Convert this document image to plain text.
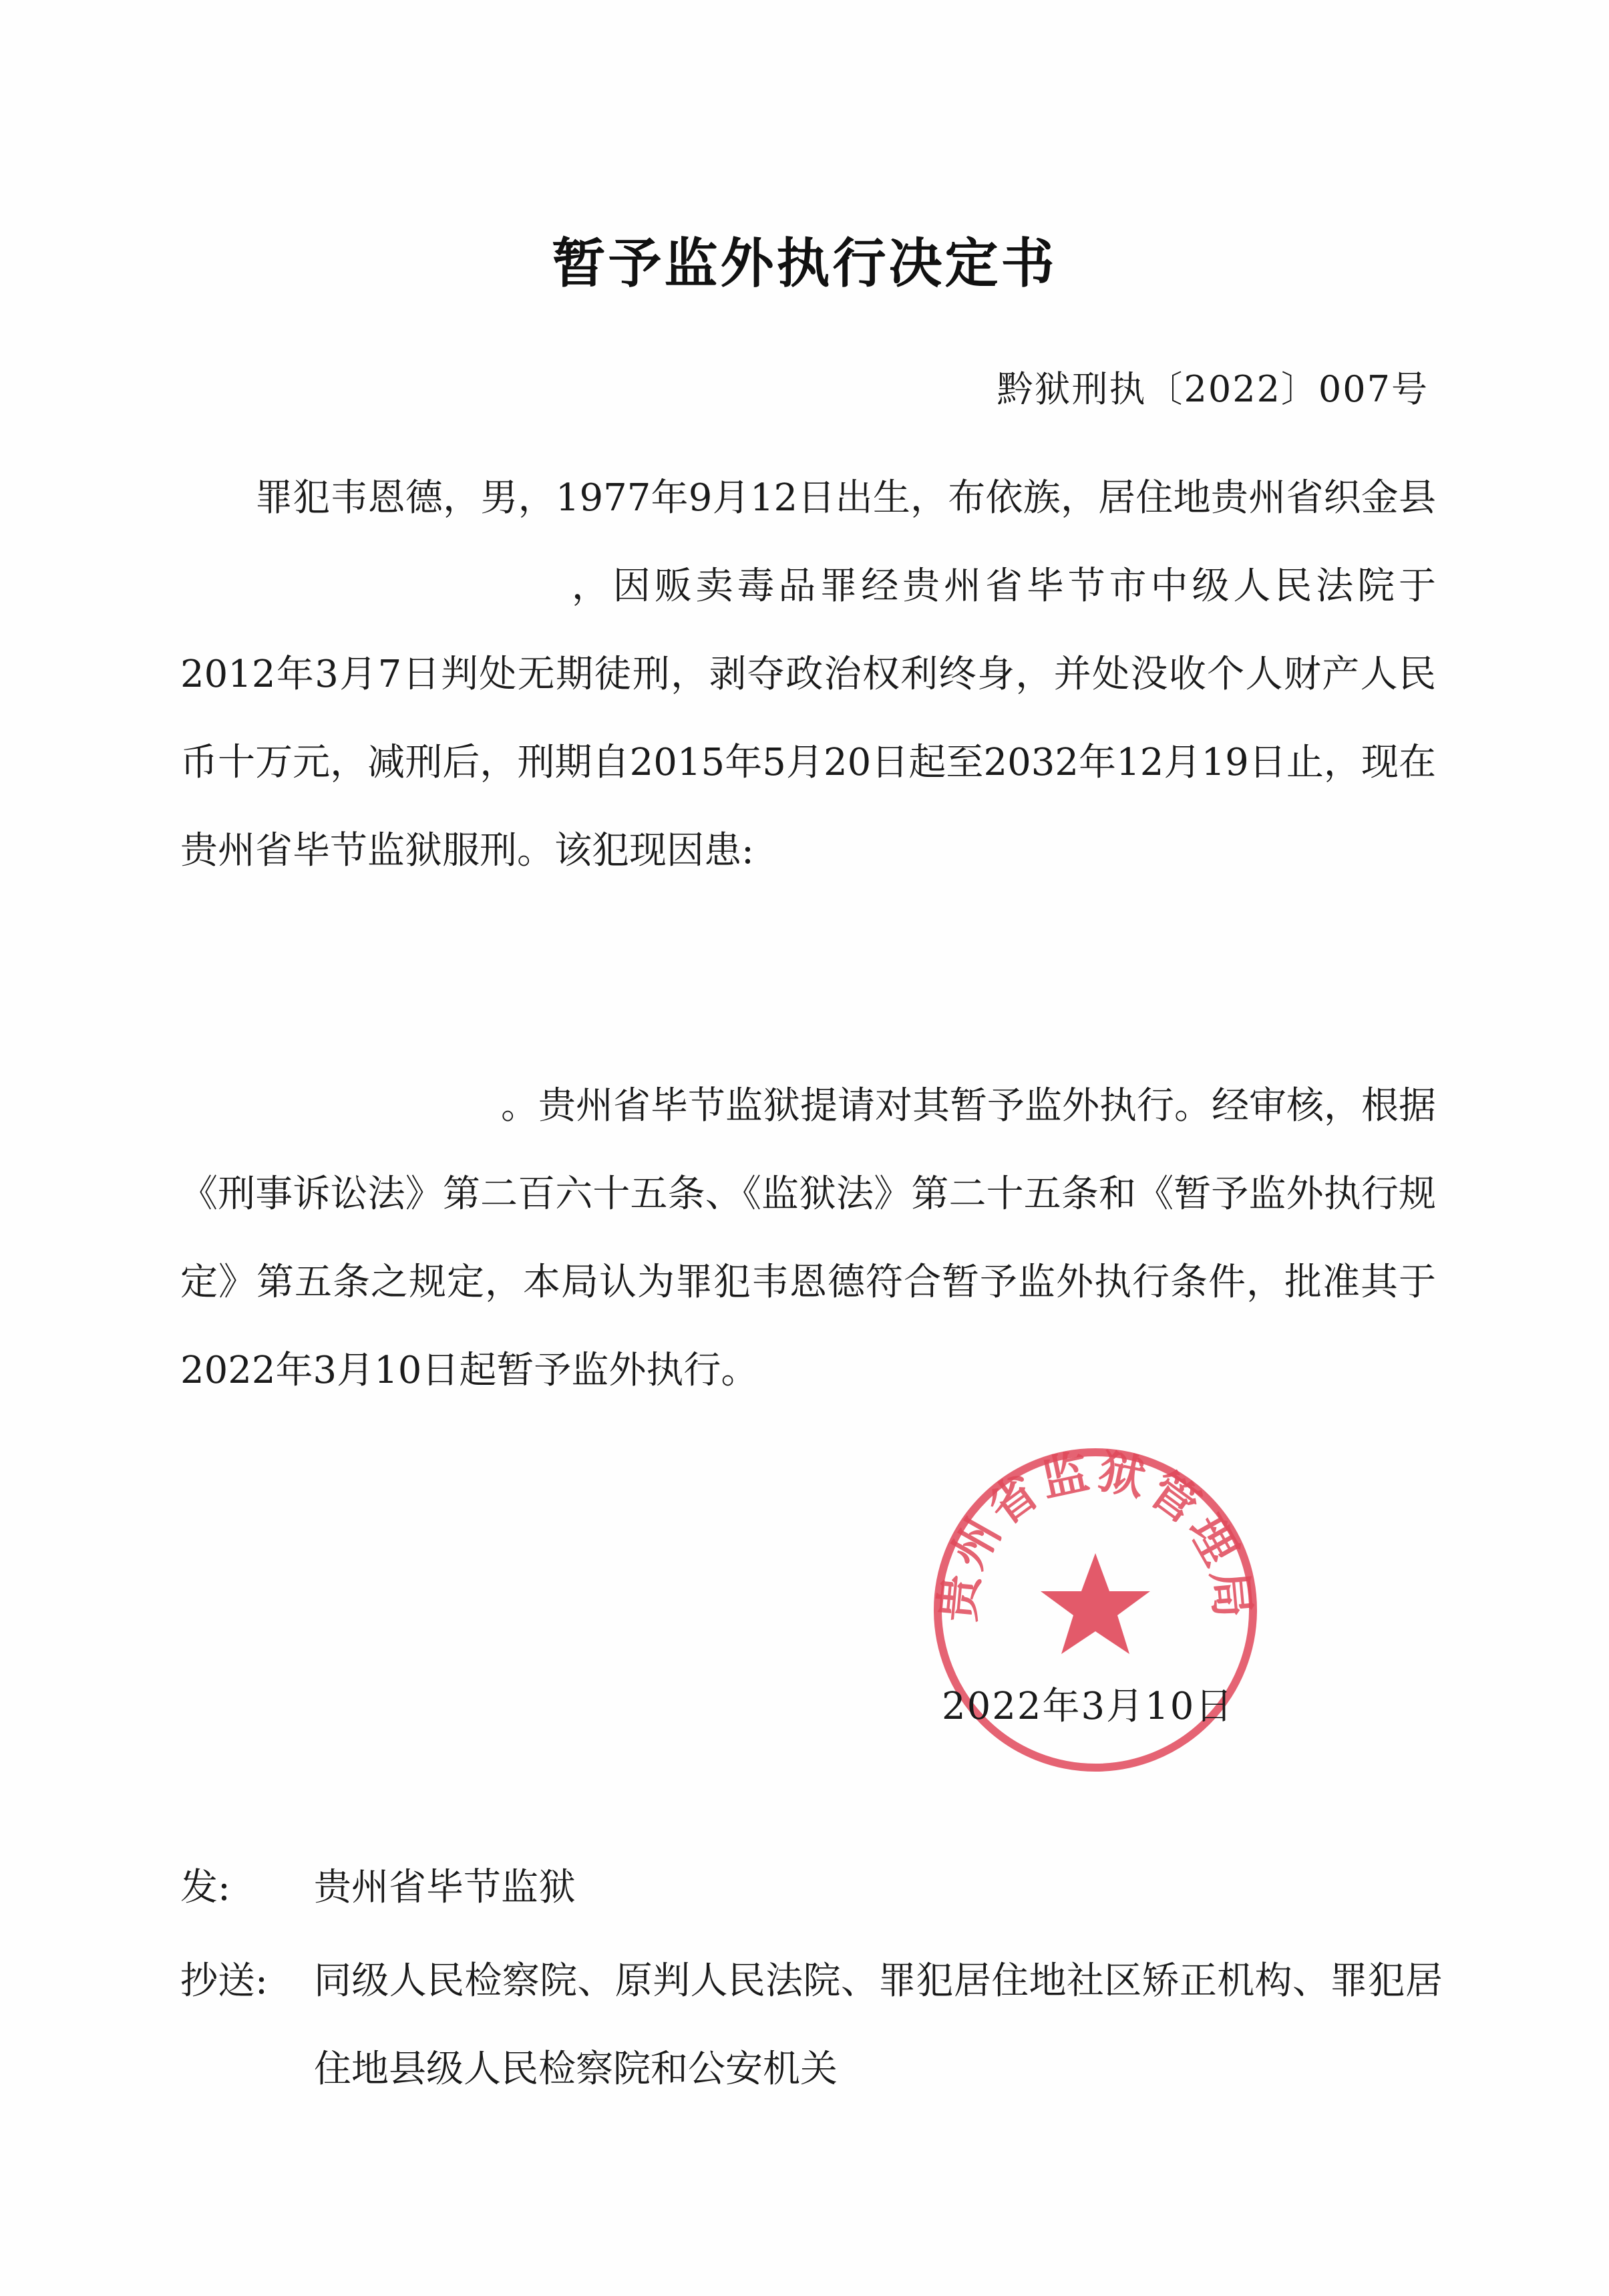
暂予监外执行决定书
黔狱刑执〔2022〕007号
罪犯韦恩德，男，1977年9月12日出生，布依族，居住地贵州省织金县，因贩卖毒品罪经贵州省毕节市中级人民法院于2012年3月7日判处无期徒刑，剥夺政治权利终身，并处没收个人财产人民币十万元，减刑后，刑期自2015年5月20日起至2032年12月19日止，现在贵州省毕节监狱服刑。该犯现因患:
。贵州省毕节监狱提请对其暂予监外执行。经审核，根据《刑事诉讼法》第二百六十五条、《监狱法》第二十五条和《暂予监外执行规定》第五条之规定，本局认为罪犯韦恩德符合暂予监外执行条件，批准其于2022年3月10日起暂予监外执行。
贵州省监狱管理局
2022年3月10日
发: 贵州省毕节监狱
抄送: 同级人民检察院、原判人民法院、罪犯居住地社区矫正机构、罪犯居住地县级人民检察院和公安机关
